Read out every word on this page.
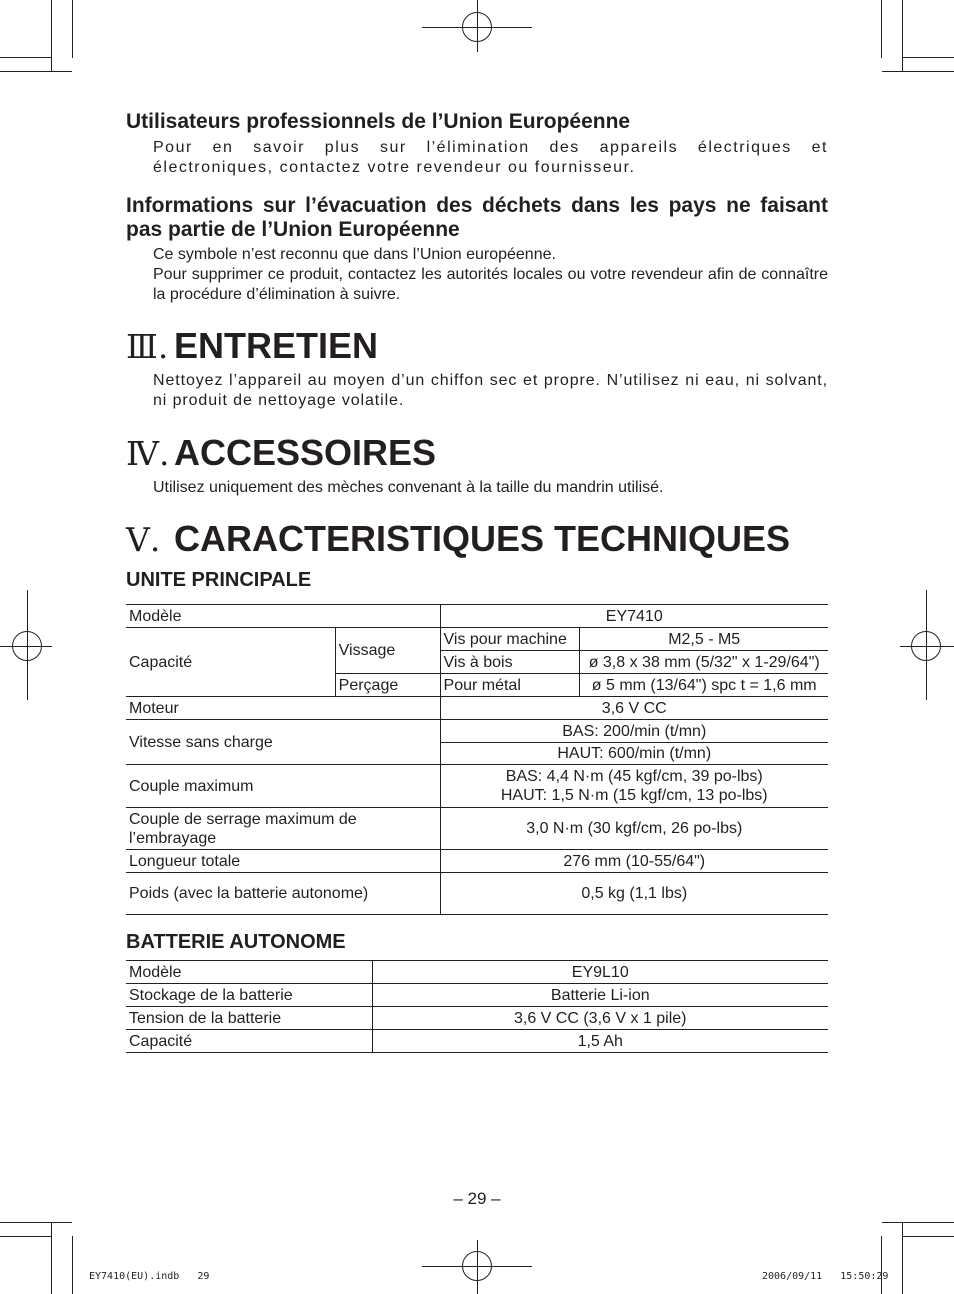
Utilisateurs professionnels de l’Union Européenne

Pour en savoir plus sur l’élimination des appareils électriques et électroniques, contactez votre revendeur ou fournisseur.

Informations sur l’évacuation des déchets dans les pays ne faisant pas partie de l’Union Européenne

Ce symbole n’est reconnu que dans l’Union européenne.

Pour supprimer ce produit, contactez les autorités locales ou votre revendeur afin de connaître la procédure d’élimination à suivre.

Ⅲ. ENTRETIEN

Nettoyez l’appareil au moyen d’un chiffon sec et propre. N’utilisez ni eau, ni solvant, ni produit de nettoyage volatile.

Ⅳ. ACCESSOIRES

Utilisez uniquement des mèches convenant à la taille du mandrin utilisé.

Ⅴ. CARACTERISTIQUES TECHNIQUES
UNITE PRINCIPALE
Modèle		EY7410	
Capacité	Vissage	Vis pour machine	M2,5 - M5
		Vis à bois	ø 3,8 x 38 mm (5/32" x 1-29/64")
	Perçage	Pour métal	ø 5 mm (13/64") spc t = 1,6 mm
Moteur		3,6 V CC	
Vitesse sans charge		BAS: 200/min (t/mn)	
		HAUT: 600/min (t/mn)	
Couple maximum		BAS: 4,4 N·m (45 kgf/cm, 39 po-lbs)
HAUT: 1,5 N·m (15 kgf/cm, 13 po-lbs)	

Couple de serrage maximum de l’embrayage		3,0 N·m (30 kgf/cm, 26 po-lbs)	
Longueur totale		276 mm (10-55/64")	
Poids (avec la batterie autonome)		0,5 kg (1,1 lbs)	
BATTERIE AUTONOME
Modèle	EY9L10
Stockage de la batterie	Batterie Li-ion
Tension de la batterie	3,6 V CC (3,6 V x 1 pile)
Capacité	1,5 Ah
– 29 –
EY7410(EU).indb   29	2006/09/11   15:50:29
